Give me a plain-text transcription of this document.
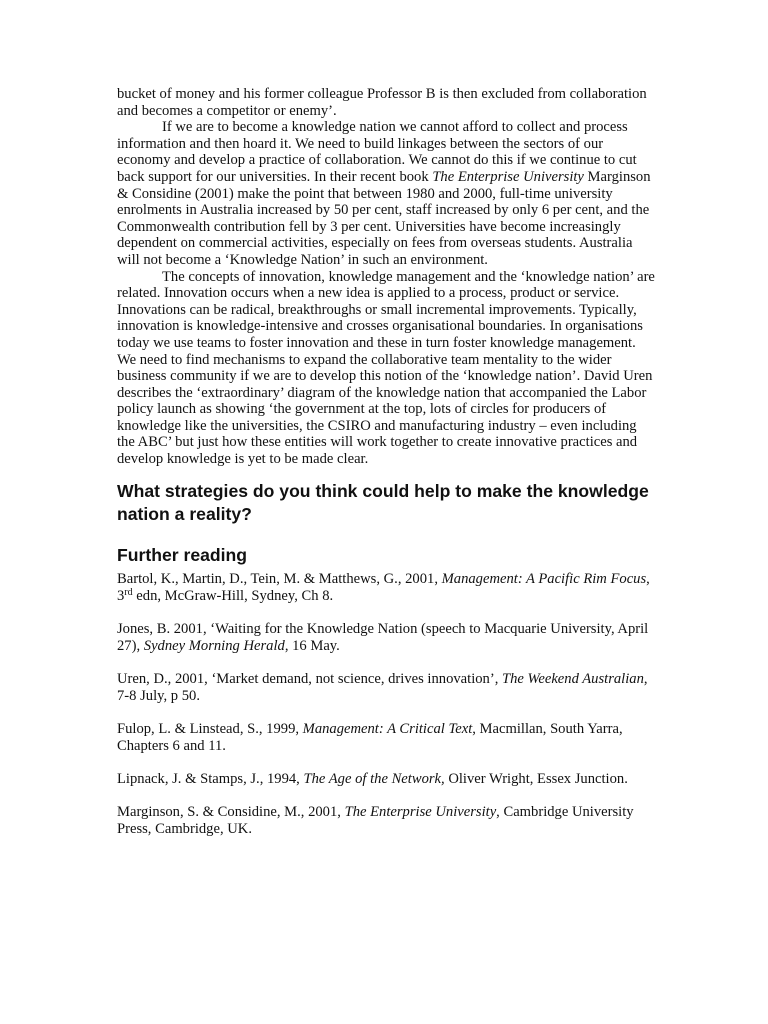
bucket of money and his former colleague Professor B is then excluded from collaboration and becomes a competitor or enemy’.

If we are to become a knowledge nation we cannot afford to collect and process information and then hoard it. We need to build linkages between the sectors of our economy and develop a practice of collaboration. We cannot do this if we continue to cut back support for our universities. In their recent book The Enterprise University Marginson & Considine (2001) make the point that between 1980 and 2000, full-time university enrolments in Australia increased by 50 per cent, staff increased by only 6 per cent, and the Commonwealth contribution fell by 3 per cent. Universities have become increasingly dependent on commercial activities, especially on fees from overseas students. Australia will not become a ‘Knowledge Nation’ in such an environment.

The concepts of innovation, knowledge management and the ‘knowledge nation’ are related. Innovation occurs when a new idea is applied to a process, product or service. Innovations can be radical, breakthroughs or small incremental improvements. Typically, innovation is knowledge-intensive and crosses organisational boundaries. In organisations today we use teams to foster innovation and these in turn foster knowledge management. We need to find mechanisms to expand the collaborative team mentality to the wider business community if we are to develop this notion of the ‘knowledge nation’. David Uren describes the ‘extraordinary’ diagram of the knowledge nation that accompanied the Labor policy launch as showing ‘the government at the top, lots of circles for producers of knowledge like the universities, the CSIRO and manufacturing industry – even including the ABC’ but just how these entities will work together to create innovative practices and develop knowledge is yet to be made clear.

What strategies do you think could help to make the knowledge nation a reality?
Further reading

Bartol, K., Martin, D., Tein, M. & Matthews, G., 2001, Management: A Pacific Rim Focus, 3rd edn, McGraw-Hill, Sydney, Ch 8.

Jones, B. 2001, ‘Waiting for the Knowledge Nation (speech to Macquarie University, April 27), Sydney Morning Herald, 16 May.

Uren, D., 2001, ‘Market demand, not science, drives innovation’, The Weekend Australian, 7-8 July, p 50.

Fulop, L. & Linstead, S., 1999, Management: A Critical Text, Macmillan, South Yarra, Chapters 6 and 11.

Lipnack, J. & Stamps, J., 1994, The Age of the Network, Oliver Wright, Essex Junction.

Marginson, S. & Considine, M., 2001, The Enterprise University, Cambridge University Press, Cambridge, UK.
